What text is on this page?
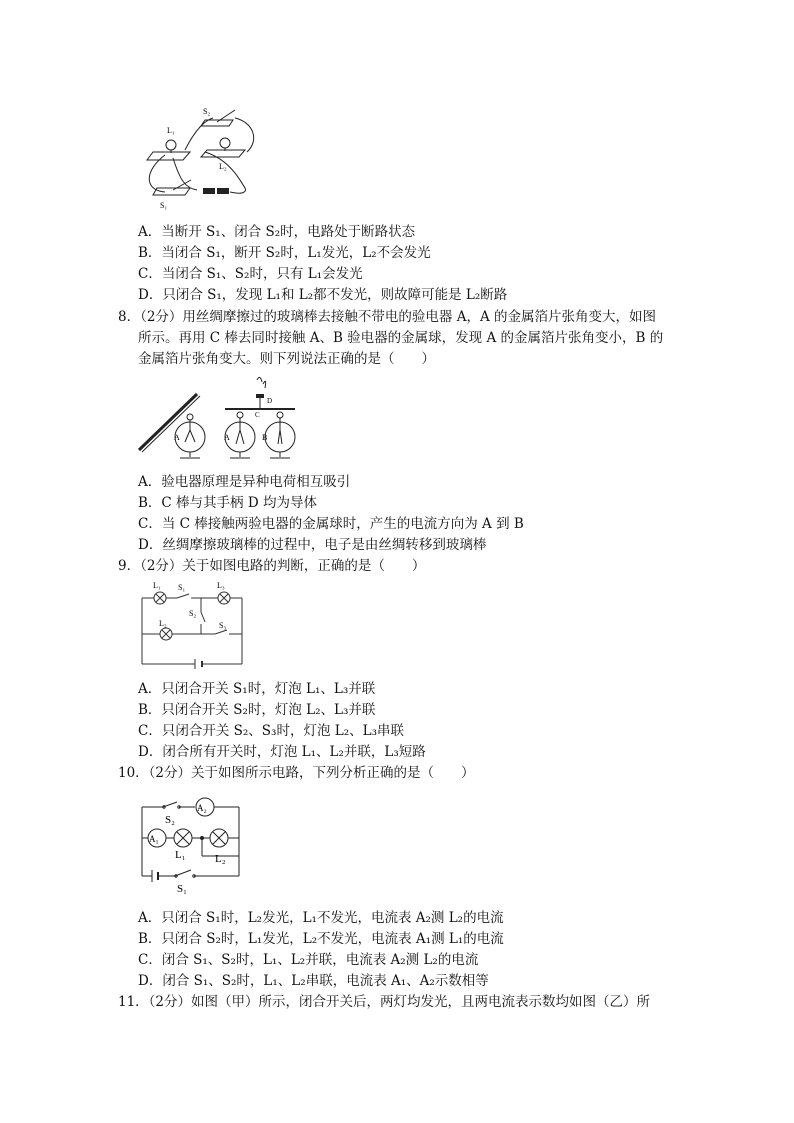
S₂
L₁
L₂
S₁
A．当断开 S₁、闭合 S₂时，电路处于断路状态
B．当闭合 S₁，断开 S₂时，L₁发光，L₂不会发光
C．当闭合 S₁、S₂时，只有 L₁会发光
D．只闭合 S₁，发现 L₁和 L₂都不发光，则故障可能是 L₂断路
8．（2分）用丝绸摩擦过的玻璃棒去接触不带电的验电器 A，A 的金属箔片张角变大，如图
所示。再用 C 棒去同时接触 A、B 验电器的金属球，发现 A 的金属箔片张角变小，B 的
金属箔片张角变大。则下列说法正确的是（　　）
A	A	B
C
D
A．验电器原理是异种电荷相互吸引
B．C 棒与其手柄 D 均为导体
C．当 C 棒接触两验电器的金属球时，产生的电流方向为 A 到 B
D．丝绸摩擦玻璃棒的过程中，电子是由丝绸转移到玻璃棒
9．（2分）关于如图电路的判断，正确的是（　　）
L₁ S₁	L₃
S₂
L₂	S₃
A．只闭合开关 S₁时，灯泡 L₁、L₃并联
B．只闭合开关 S₂时，灯泡 L₂、L₃并联
C．只闭合开关 S₂、S₃时，灯泡 L₂、L₃串联
D．闭合所有开关时，灯泡 L₁、L₂并联，L₃短路
10．（2分）关于如图所示电路，下列分析正确的是（　　）
A₂
S₂
A₁
L₁	L₂
S₁
A．只闭合 S₁时，L₂发光，L₁不发光，电流表 A₂测 L₂的电流
B．只闭合 S₂时，L₁发光，L₂不发光，电流表 A₁测 L₁的电流
C．闭合 S₁、S₂时，L₁、L₂并联，电流表 A₂测 L₂的电流
D．闭合 S₁、S₂时，L₁、L₂串联，电流表 A₁、A₂示数相等
11．（2分）如图（甲）所示，闭合开关后，两灯均发光，且两电流表示数均如图（乙）所
